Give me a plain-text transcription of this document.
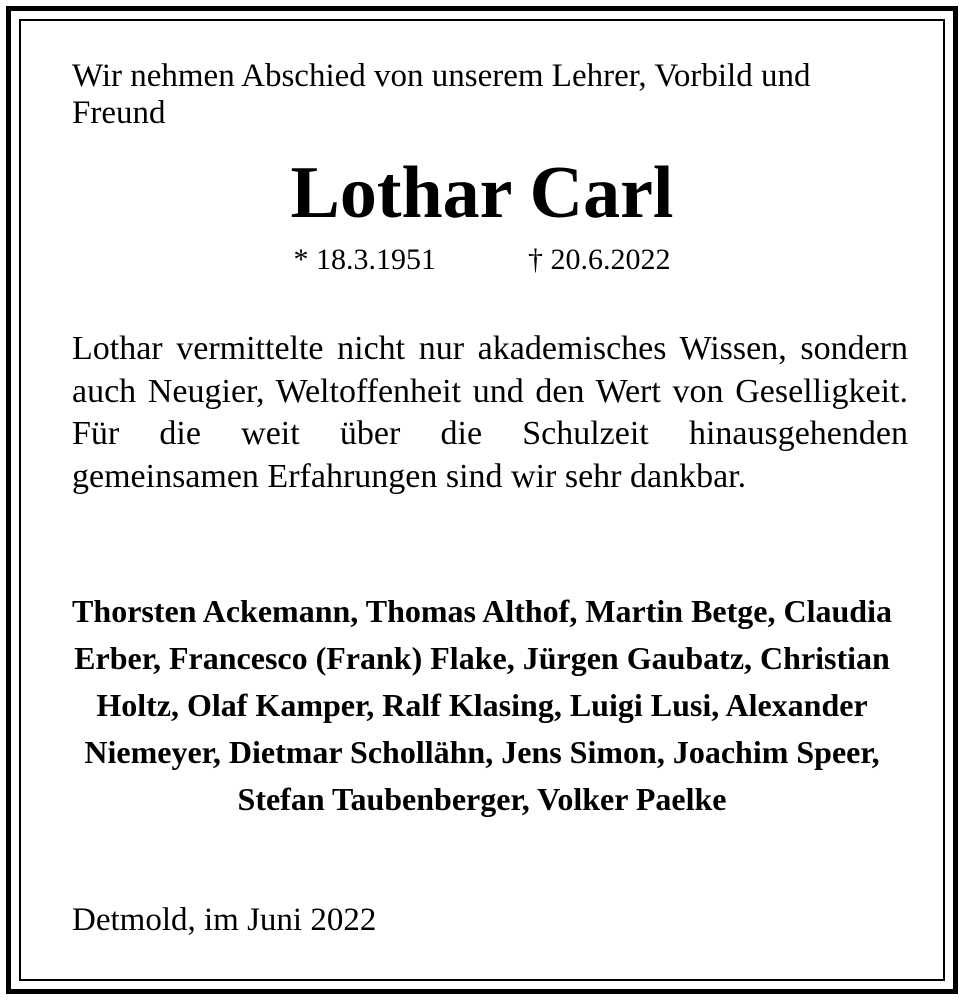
Wir nehmen Abschied von unserem Lehrer, Vorbild und Freund
Lothar Carl
* 18.3.1951	† 20.6.2022
Lothar vermittelte nicht nur akademisches Wissen, sondern auch Neugier, Weltoffenheit und den Wert von Geselligkeit. Für die weit über die Schulzeit hinausgehenden gemeinsamen Erfahrungen sind wir sehr dankbar.
Thorsten Ackemann, Thomas Althof, Martin Betge, Claudia Erber, Francesco (Frank) Flake, Jürgen Gaubatz, Christian Holtz, Olaf Kamper, Ralf Klasing, Luigi Lusi, Alexander Niemeyer, Dietmar Schollähn, Jens Simon, Joachim Speer, Stefan Taubenberger, Volker Paelke
Detmold, im Juni 2022
